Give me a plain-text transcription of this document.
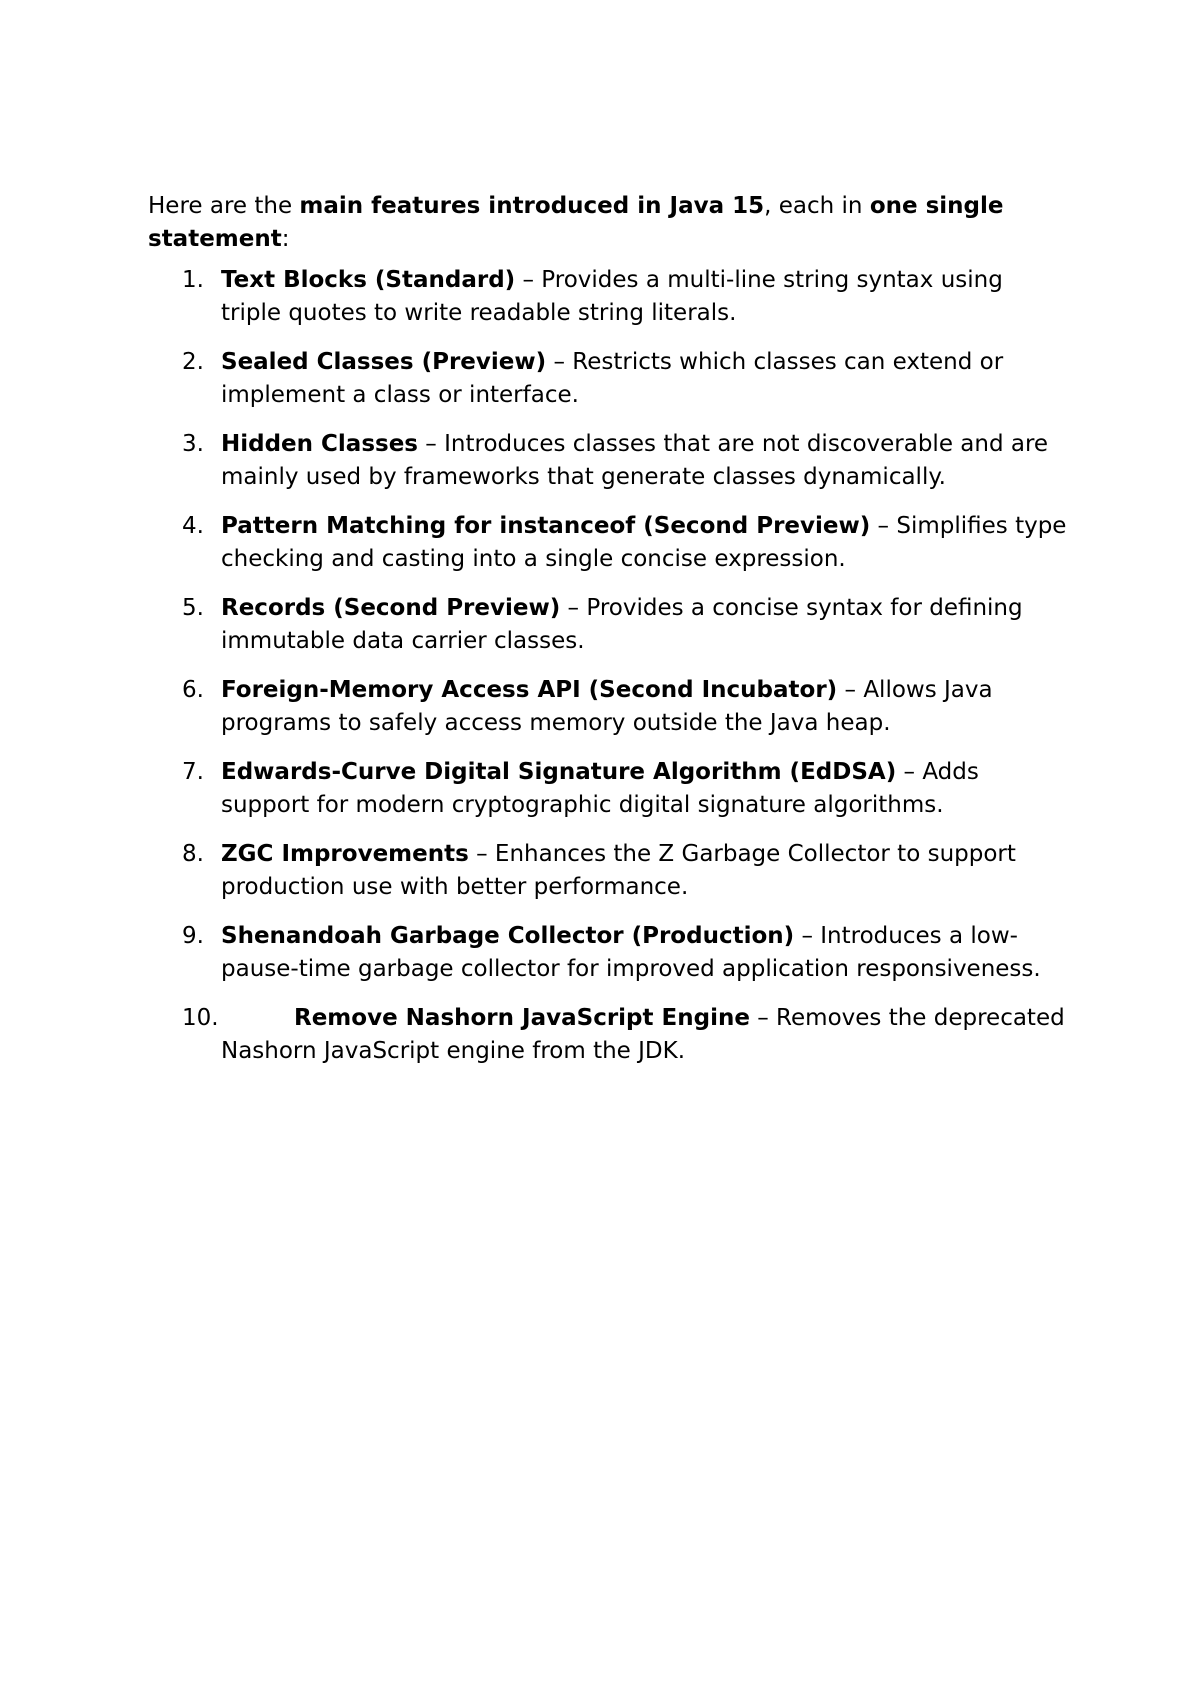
Here are the main features introduced in Java 15, each in one single statement:

1. Text Blocks (Standard) – Provides a multi-line string syntax using triple quotes to write readable string literals.
2. Sealed Classes (Preview) – Restricts which classes can extend or implement a class or interface.
3. Hidden Classes – Introduces classes that are not discoverable and are mainly used by frameworks that generate classes dynamically.
4. Pattern Matching for instanceof (Second Preview) – Simplifies type checking and casting into a single concise expression.
5. Records (Second Preview) – Provides a concise syntax for defining immutable data carrier classes.
6. Foreign-Memory Access API (Second Incubator) – Allows Java programs to safely access memory outside the Java heap.
7. Edwards-Curve Digital Signature Algorithm (EdDSA) – Adds support for modern cryptographic digital signature algorithms.
8. ZGC Improvements – Enhances the Z Garbage Collector to support production use with better performance.
9. Shenandoah Garbage Collector (Production) – Introduces a low-pause-time garbage collector for improved application responsiveness.
10.	Remove Nashorn JavaScript Engine – Removes the deprecated Nashorn JavaScript engine from the JDK.
